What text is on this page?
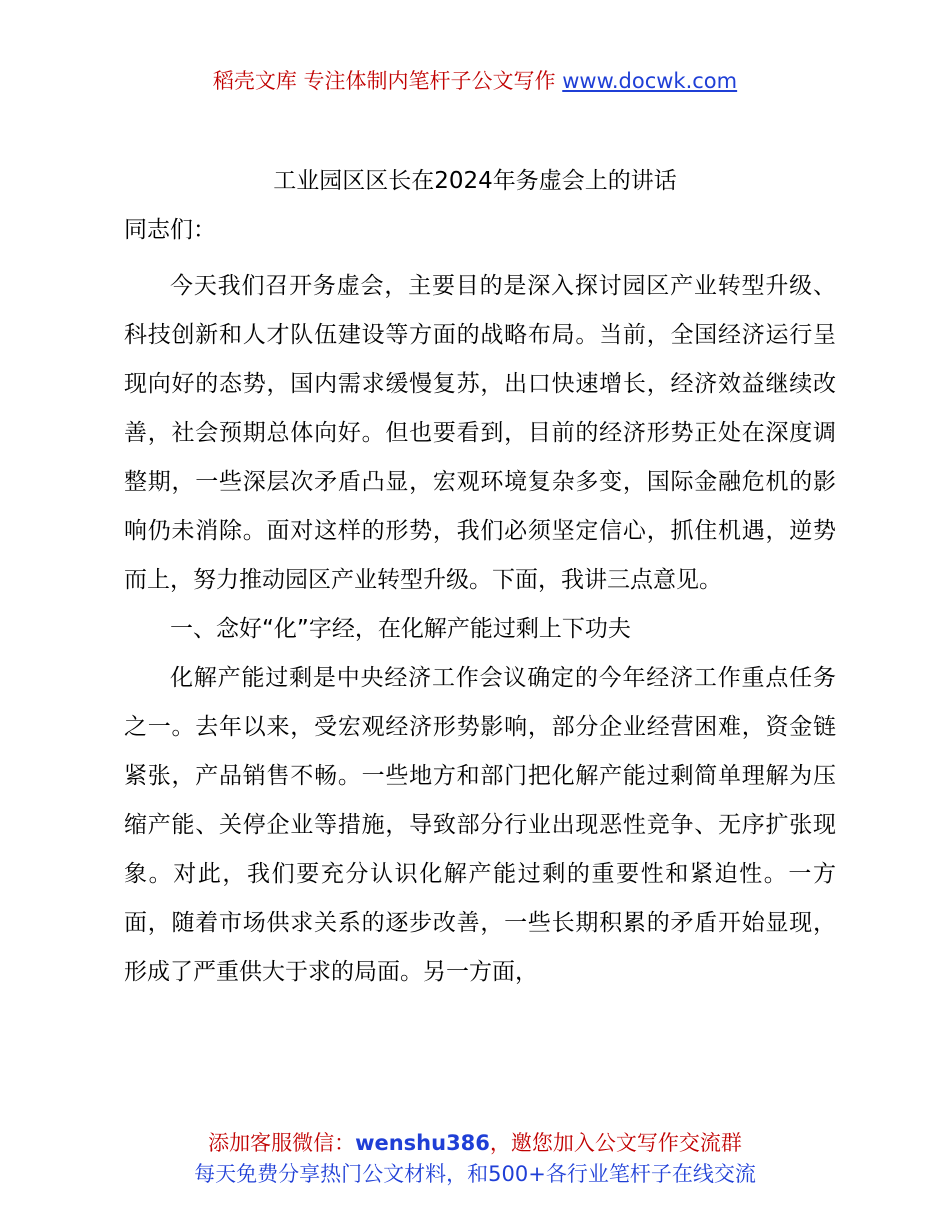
稻壳文库 专注体制内笔杆子公文写作 www.docwk.com
工业园区区长在2024年务虚会上的讲话
同志们：

今天我们召开务虚会，主要目的是深入探讨园区产业转型升级、科技创新和人才队伍建设等方面的战略布局。当前，全国经济运行呈现向好的态势，国内需求缓慢复苏，出口快速增长，经济效益继续改善，社会预期总体向好。但也要看到，目前的经济形势正处在深度调整期，一些深层次矛盾凸显，宏观环境复杂多变，国际金融危机的影响仍未消除。面对这样的形势，我们必须坚定信心，抓住机遇，逆势而上，努力推动园区产业转型升级。下面，我讲三点意见。

一、念好“化”字经，在化解产能过剩上下功夫

化解产能过剩是中央经济工作会议确定的今年经济工作重点任务之一。去年以来，受宏观经济形势影响，部分企业经营困难，资金链紧张，产品销售不畅。一些地方和部门把化解产能过剩简单理解为压缩产能、关停企业等措施，导致部分行业出现恶性竞争、无序扩张现象。对此，我们要充分认识化解产能过剩的重要性和紧迫性。一方面，随着市场供求关系的逐步改善，一些长期积累的矛盾开始显现，形成了严重供大于求的局面。另一方面，

添加客服微信：wenshu386，邀您加入公文写作交流群
每天免费分享热门公文材料，和500+各行业笔杆子在线交流
